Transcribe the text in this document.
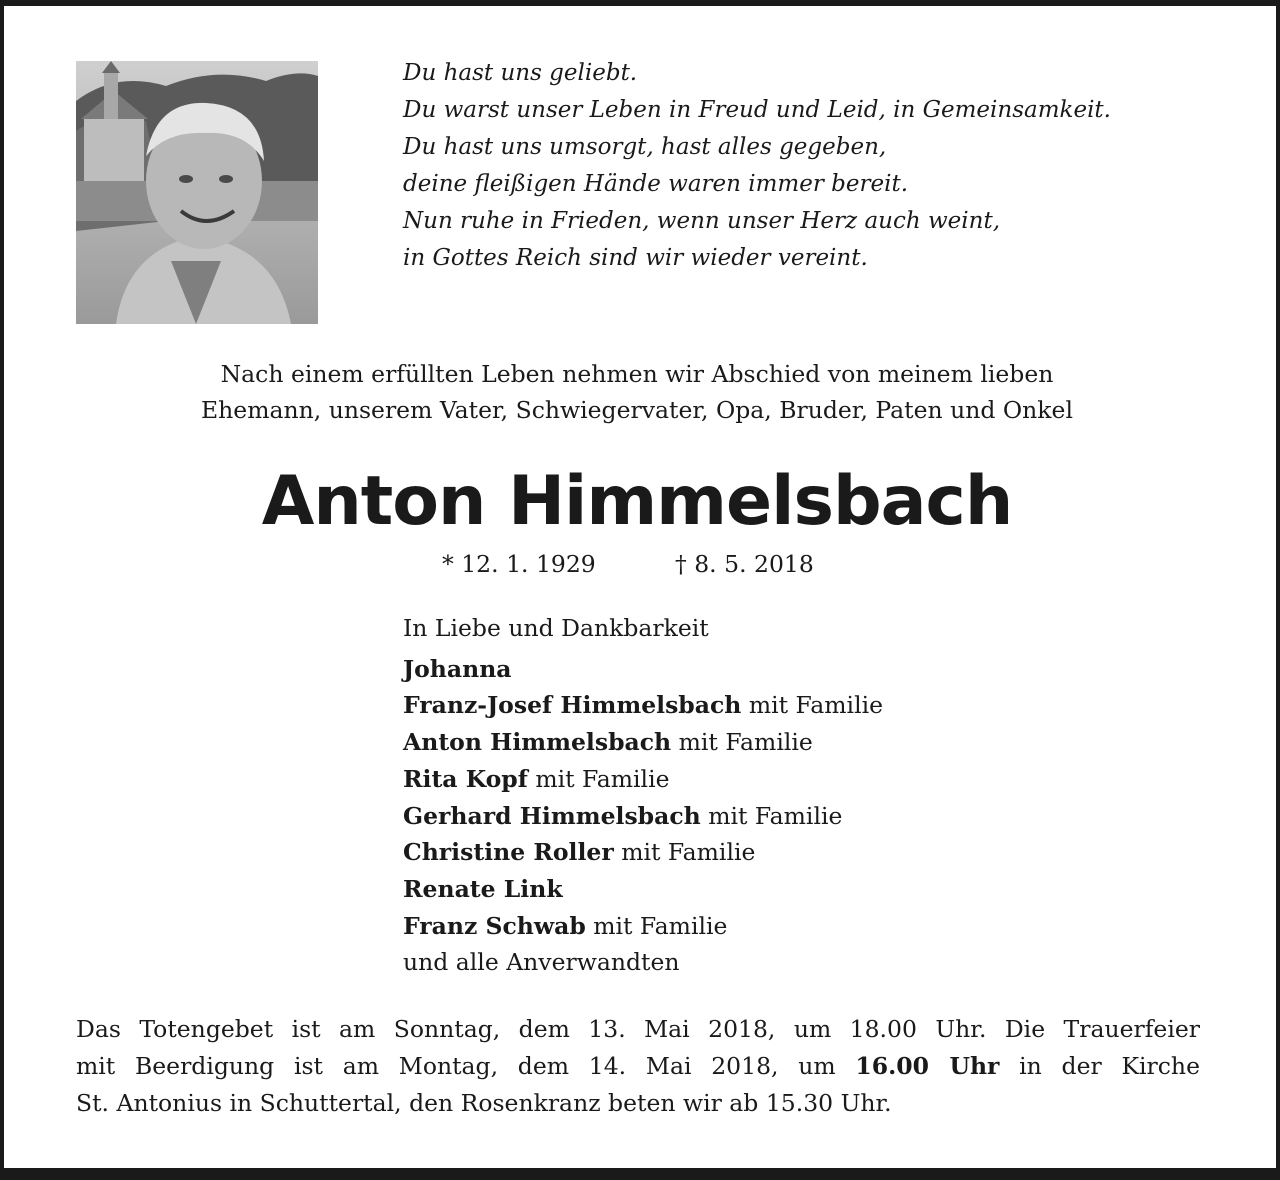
Du hast uns geliebt.
Du warst unser Leben in Freud und Leid, in Gemeinsamkeit.
Du hast uns umsorgt, hast alles gegeben,
deine fleißigen Hände waren immer bereit.
Nun ruhe in Frieden, wenn unser Herz auch weint,
in Gottes Reich sind wir wieder vereint.
Nach einem erfüllten Leben nehmen wir Abschied von meinem lieben
Ehemann, unserem Vater, Schwiegervater, Opa, Bruder, Paten und Onkel
Anton Himmelsbach
* 12. 1. 1929	† 8. 5. 2018
In Liebe und Dankbarkeit
Johanna
Franz-Josef Himmelsbach mit Familie
Anton Himmelsbach mit Familie
Rita Kopf mit Familie
Gerhard Himmelsbach mit Familie
Christine Roller mit Familie
Renate Link
Franz Schwab mit Familie
und alle Anverwandten
Das Totengebet ist am Sonntag, dem 13. Mai 2018, um 18.00 Uhr. Die Trauerfeier
mit Beerdigung ist am Montag, dem 14. Mai 2018, um 16.00 Uhr in der Kirche
St. Antonius in Schuttertal, den Rosenkranz beten wir ab 15.30 Uhr.
